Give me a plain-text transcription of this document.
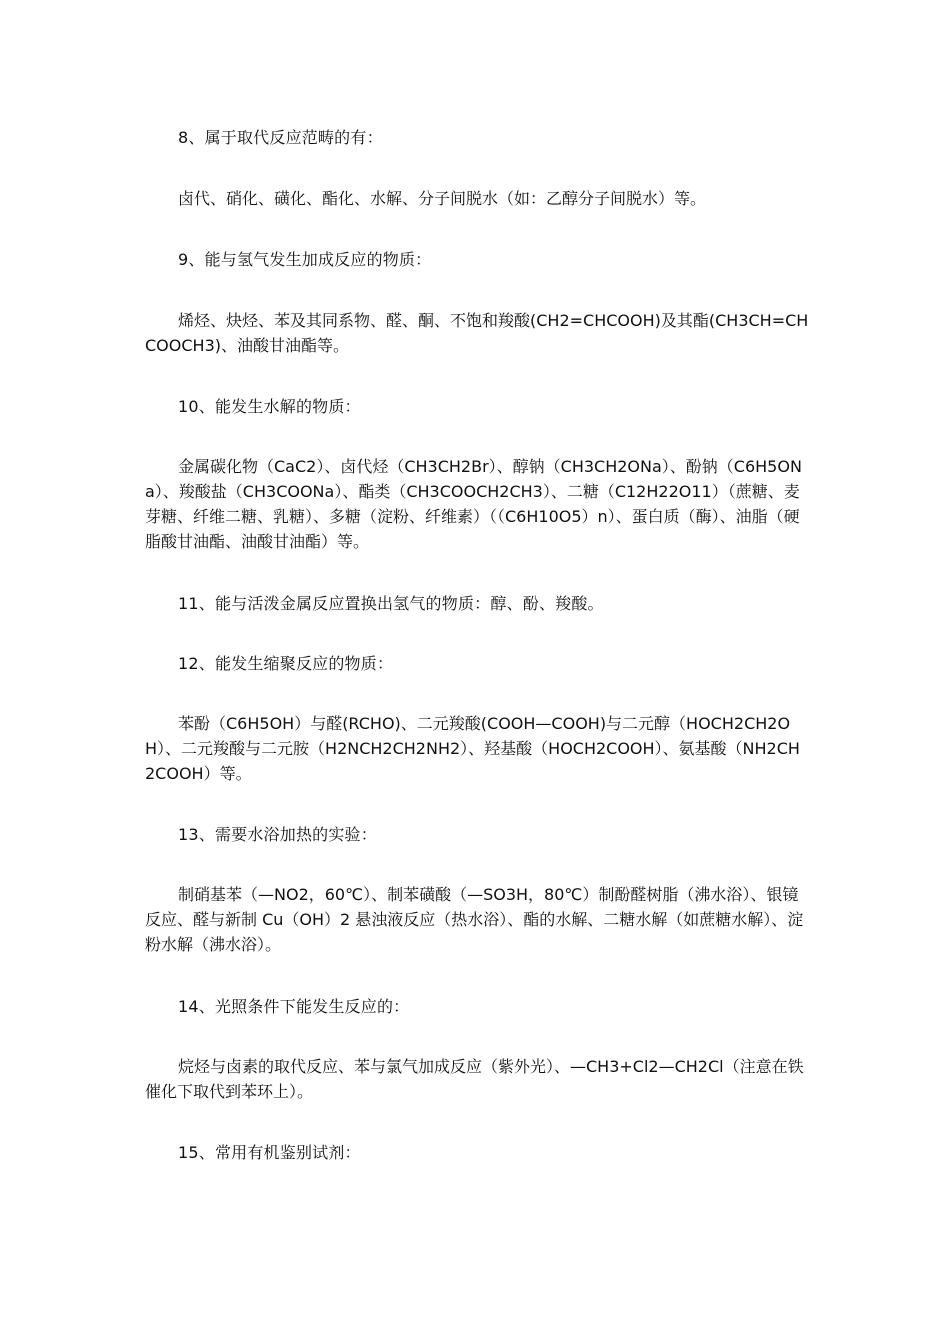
8、属于取代反应范畴的有：

卤代、硝化、磺化、酯化、水解、分子间脱水（如：乙醇分子间脱水）等。

9、能与氢气发生加成反应的物质：

烯烃、炔烃、苯及其同系物、醛、酮、不饱和羧酸(CH2=CHCOOH)及其酯(CH3CH=CHCOOCH3)、油酸甘油酯等。

10、能发生水解的物质：

金属碳化物（CaC2）、卤代烃（CH3CH2Br）、醇钠（CH3CH2ONa）、酚钠（C6H5ONa）、羧酸盐（CH3COONa）、酯类（CH3COOCH2CH3）、二糖（C12H22O11）（蔗糖、麦芽糖、纤维二糖、乳糖）、多糖（淀粉、纤维素）（（C6H10O5）n）、蛋白质（酶）、油脂（硬脂酸甘油酯、油酸甘油酯）等。

11、能与活泼金属反应置换出氢气的物质：醇、酚、羧酸。

12、能发生缩聚反应的物质：

苯酚（C6H5OH）与醛(RCHO)、二元羧酸(COOH—COOH)与二元醇（HOCH2CH2OH）、二元羧酸与二元胺（H2NCH2CH2NH2）、羟基酸（HOCH2COOH）、氨基酸（NH2CH2COOH）等。

13、需要水浴加热的实验：

制硝基苯（—NO2，60℃）、制苯磺酸（—SO3H，80℃）制酚醛树脂（沸水浴）、银镜反应、醛与新制 Cu（OH）2 悬浊液反应（热水浴）、酯的水解、二糖水解（如蔗糖水解）、淀粉水解（沸水浴）。

14、光照条件下能发生反应的：

烷烃与卤素的取代反应、苯与氯气加成反应（紫外光）、—CH3+Cl2—CH2Cl（注意在铁催化下取代到苯环上）。

15、常用有机鉴别试剂：
